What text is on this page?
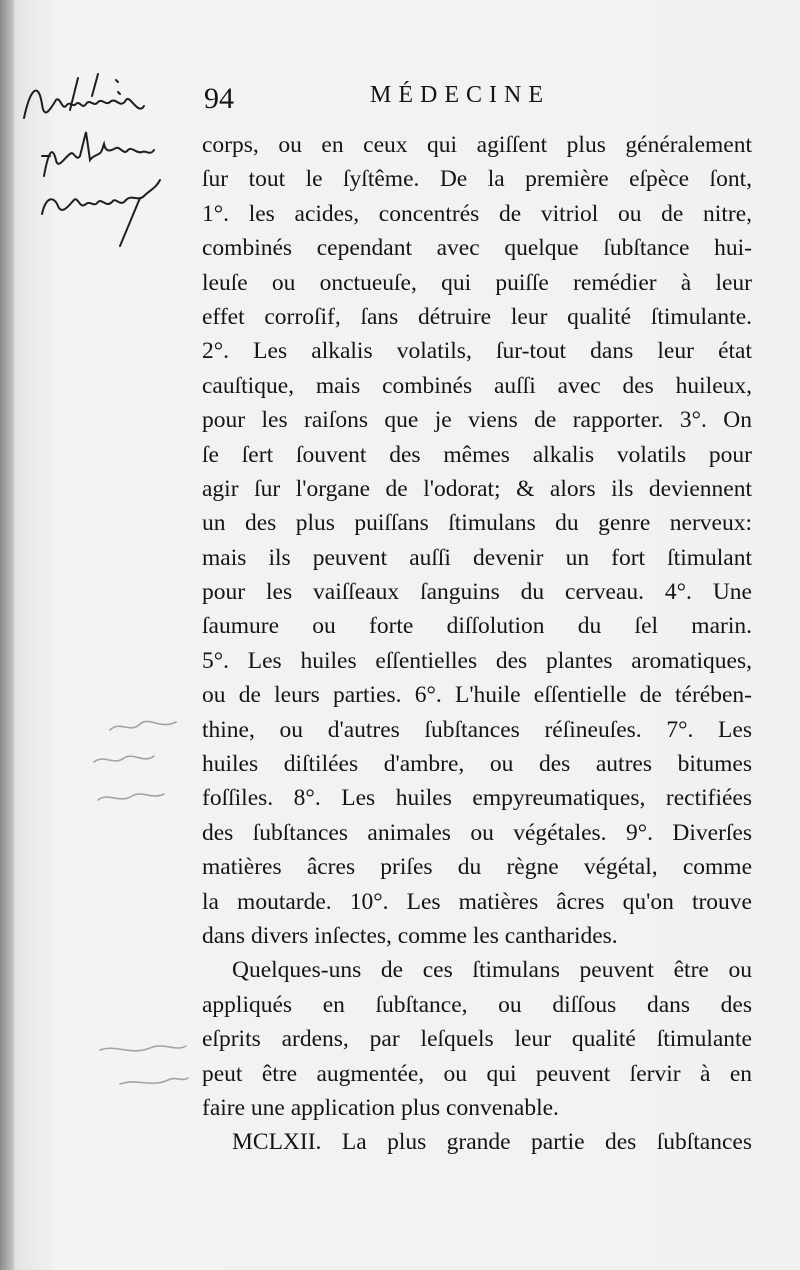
94	MÉDECINE
corps, ou en ceux qui agiſſent plus généralement
ſur tout le ſyſtême. De la première eſpèce ſont,
1°. les acides, concentrés de vitriol ou de nitre,
combinés cependant avec quelque ſubſtance hui-
leuſe ou onctueuſe, qui puiſſe remédier à leur
effet corroſif, ſans détruire leur qualité ſtimulante.
2°. Les alkalis volatils, ſur-tout dans leur état
cauſtique, mais combinés auſſi avec des huileux,
pour les raiſons que je viens de rapporter. 3°. On
ſe ſert ſouvent des mêmes alkalis volatils pour
agir ſur l'organe de l'odorat; & alors ils deviennent
un des plus puiſſans ſtimulans du genre nerveux:
mais ils peuvent auſſi devenir un fort ſtimulant
pour les vaiſſeaux ſanguins du cerveau. 4°. Une
ſaumure ou forte diſſolution du ſel marin.
5°. Les huiles eſſentielles des plantes aromatiques,
ou de leurs parties. 6°. L'huile eſſentielle de térében-
thine, ou d'autres ſubſtances réſineuſes. 7°. Les
huiles diſtilées d'ambre, ou des autres bitumes
foſſiles. 8°. Les huiles empyreumatiques, rectifiées
des ſubſtances animales ou végétales. 9°. Diverſes
matières âcres priſes du règne végétal, comme
la moutarde. 10°. Les matières âcres qu'on trouve
dans divers inſectes, comme les cantharides.
Quelques-uns de ces ſtimulans peuvent être ou
appliqués en ſubſtance, ou diſſous dans des
eſprits ardens, par leſquels leur qualité ſtimulante
peut être augmentée, ou qui peuvent ſervir à en
faire une application plus convenable.
MCLXII. La plus grande partie des ſubſtances
